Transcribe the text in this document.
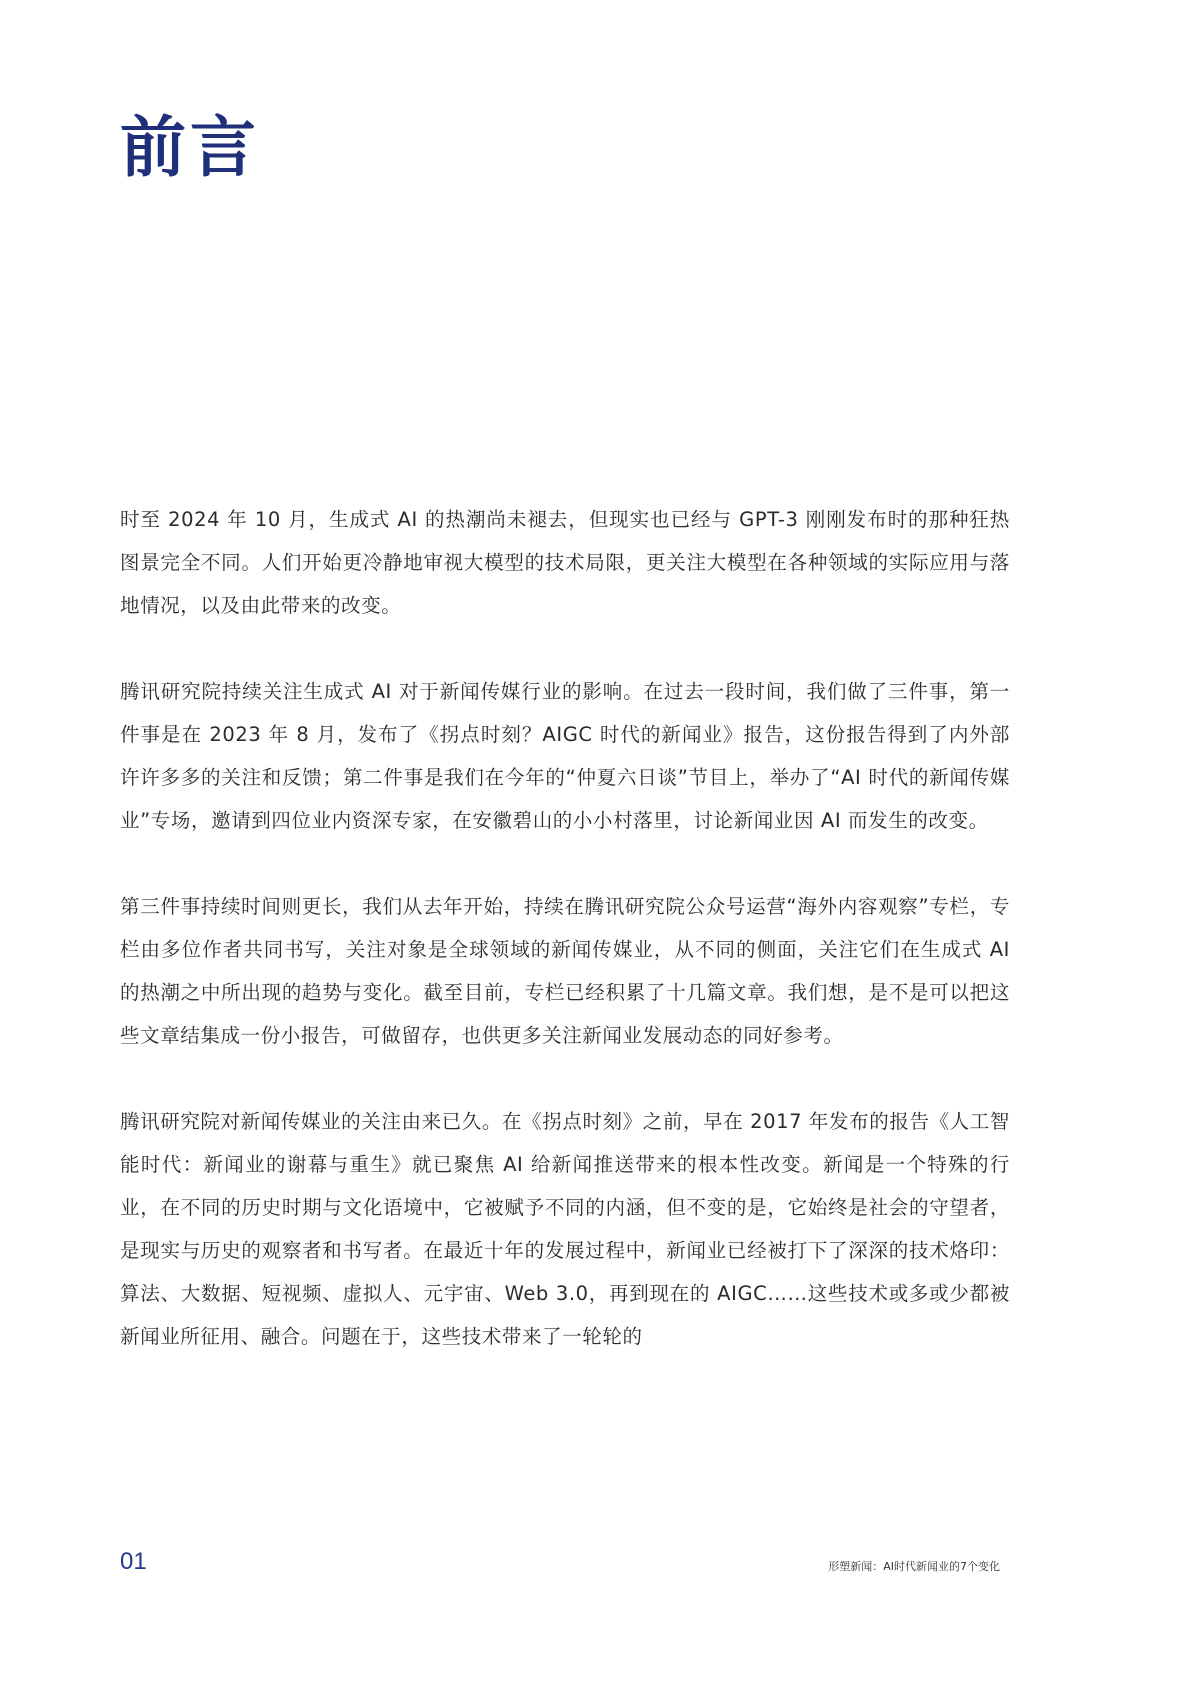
前言

时至 2024 年 10 月，生成式 AI 的热潮尚未褪去，但现实也已经与 GPT-3 刚刚发布时的那种狂热图景完全不同。人们开始更冷静地审视大模型的技术局限，更关注大模型在各种领域的实际应用与落地情况，以及由此带来的改变。

腾讯研究院持续关注生成式 AI 对于新闻传媒行业的影响。在过去一段时间，我们做了三件事，第一件事是在 2023 年 8 月，发布了《拐点时刻？AIGC 时代的新闻业》报告，这份报告得到了内外部许许多多的关注和反馈；第二件事是我们在今年的“仲夏六日谈”节目上，举办了“AI 时代的新闻传媒业”专场，邀请到四位业内资深专家，在安徽碧山的小小村落里，讨论新闻业因 AI 而发生的改变。

第三件事持续时间则更长，我们从去年开始，持续在腾讯研究院公众号运营“海外内容观察”专栏，专栏由多位作者共同书写，关注对象是全球领域的新闻传媒业，从不同的侧面，关注它们在生成式 AI 的热潮之中所出现的趋势与变化。截至目前，专栏已经积累了十几篇文章。我们想，是不是可以把这些文章结集成一份小报告，可做留存，也供更多关注新闻业发展动态的同好参考。

腾讯研究院对新闻传媒业的关注由来已久。在《拐点时刻》之前，早在 2017 年发布的报告《人工智能时代：新闻业的谢幕与重生》就已聚焦 AI 给新闻推送带来的根本性改变。新闻是一个特殊的行业，在不同的历史时期与文化语境中，它被赋予不同的内涵，但不变的是，它始终是社会的守望者，是现实与历史的观察者和书写者。在最近十年的发展过程中，新闻业已经被打下了深深的技术烙印：算法、大数据、短视频、虚拟人、元宇宙、Web 3.0，再到现在的 AIGC……这些技术或多或少都被新闻业所征用、融合。问题在于，这些技术带来了一轮轮的

01	形塑新闻：AI时代新闻业的7个变化
